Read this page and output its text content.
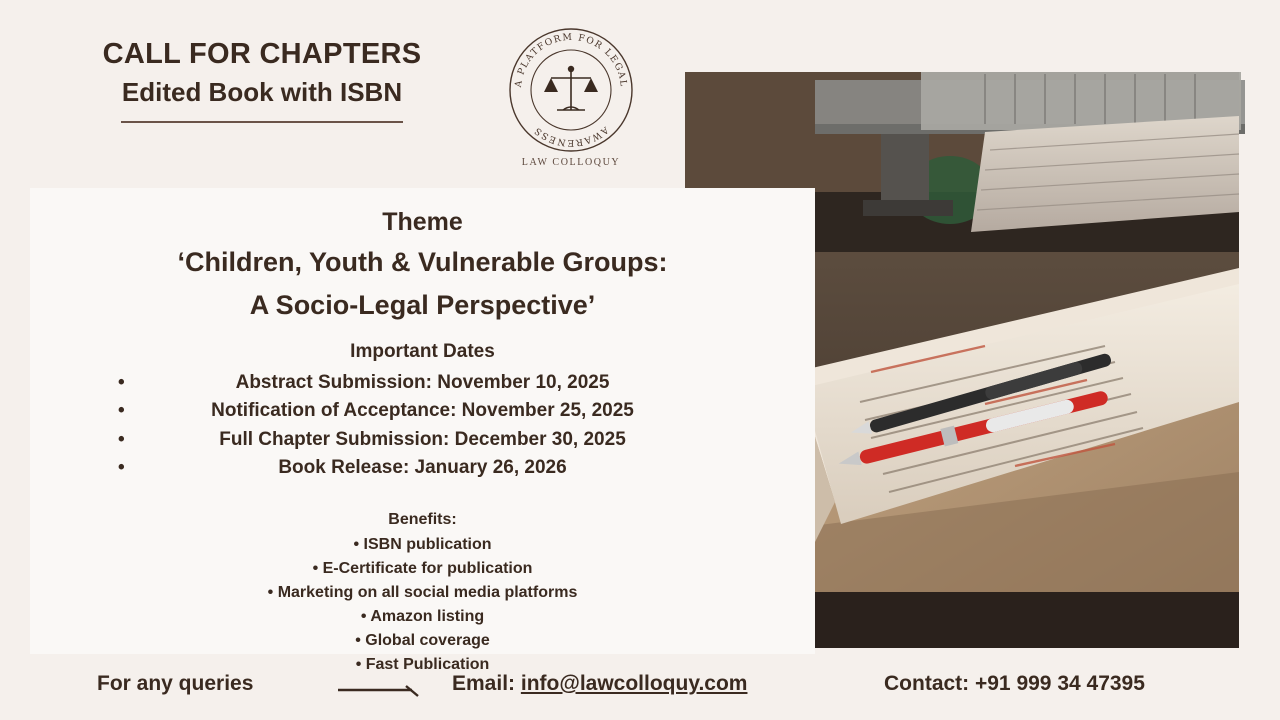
CALL FOR CHAPTERS
Edited Book with ISBN	A PLATFORM FOR LEGAL
AWARENESS
LAW COLLOQUY
Theme
‘Children, Youth & Vulnerable Groups:
A Socio-Legal Perspective’
Important Dates
•	Abstract Submission: November 10, 2025
•	Notification of Acceptance: November 25, 2025
•	Full Chapter Submission: December 30, 2025
•	Book Release: January 26, 2026
Benefits:
• ISBN publication
• E-Certificate for publication
• Marketing on all social media platforms
• Amazon listing
• Global coverage
• Fast Publication
For any queries	Email: info@lawcolloquy.com	Contact: +91 999 34 47395
